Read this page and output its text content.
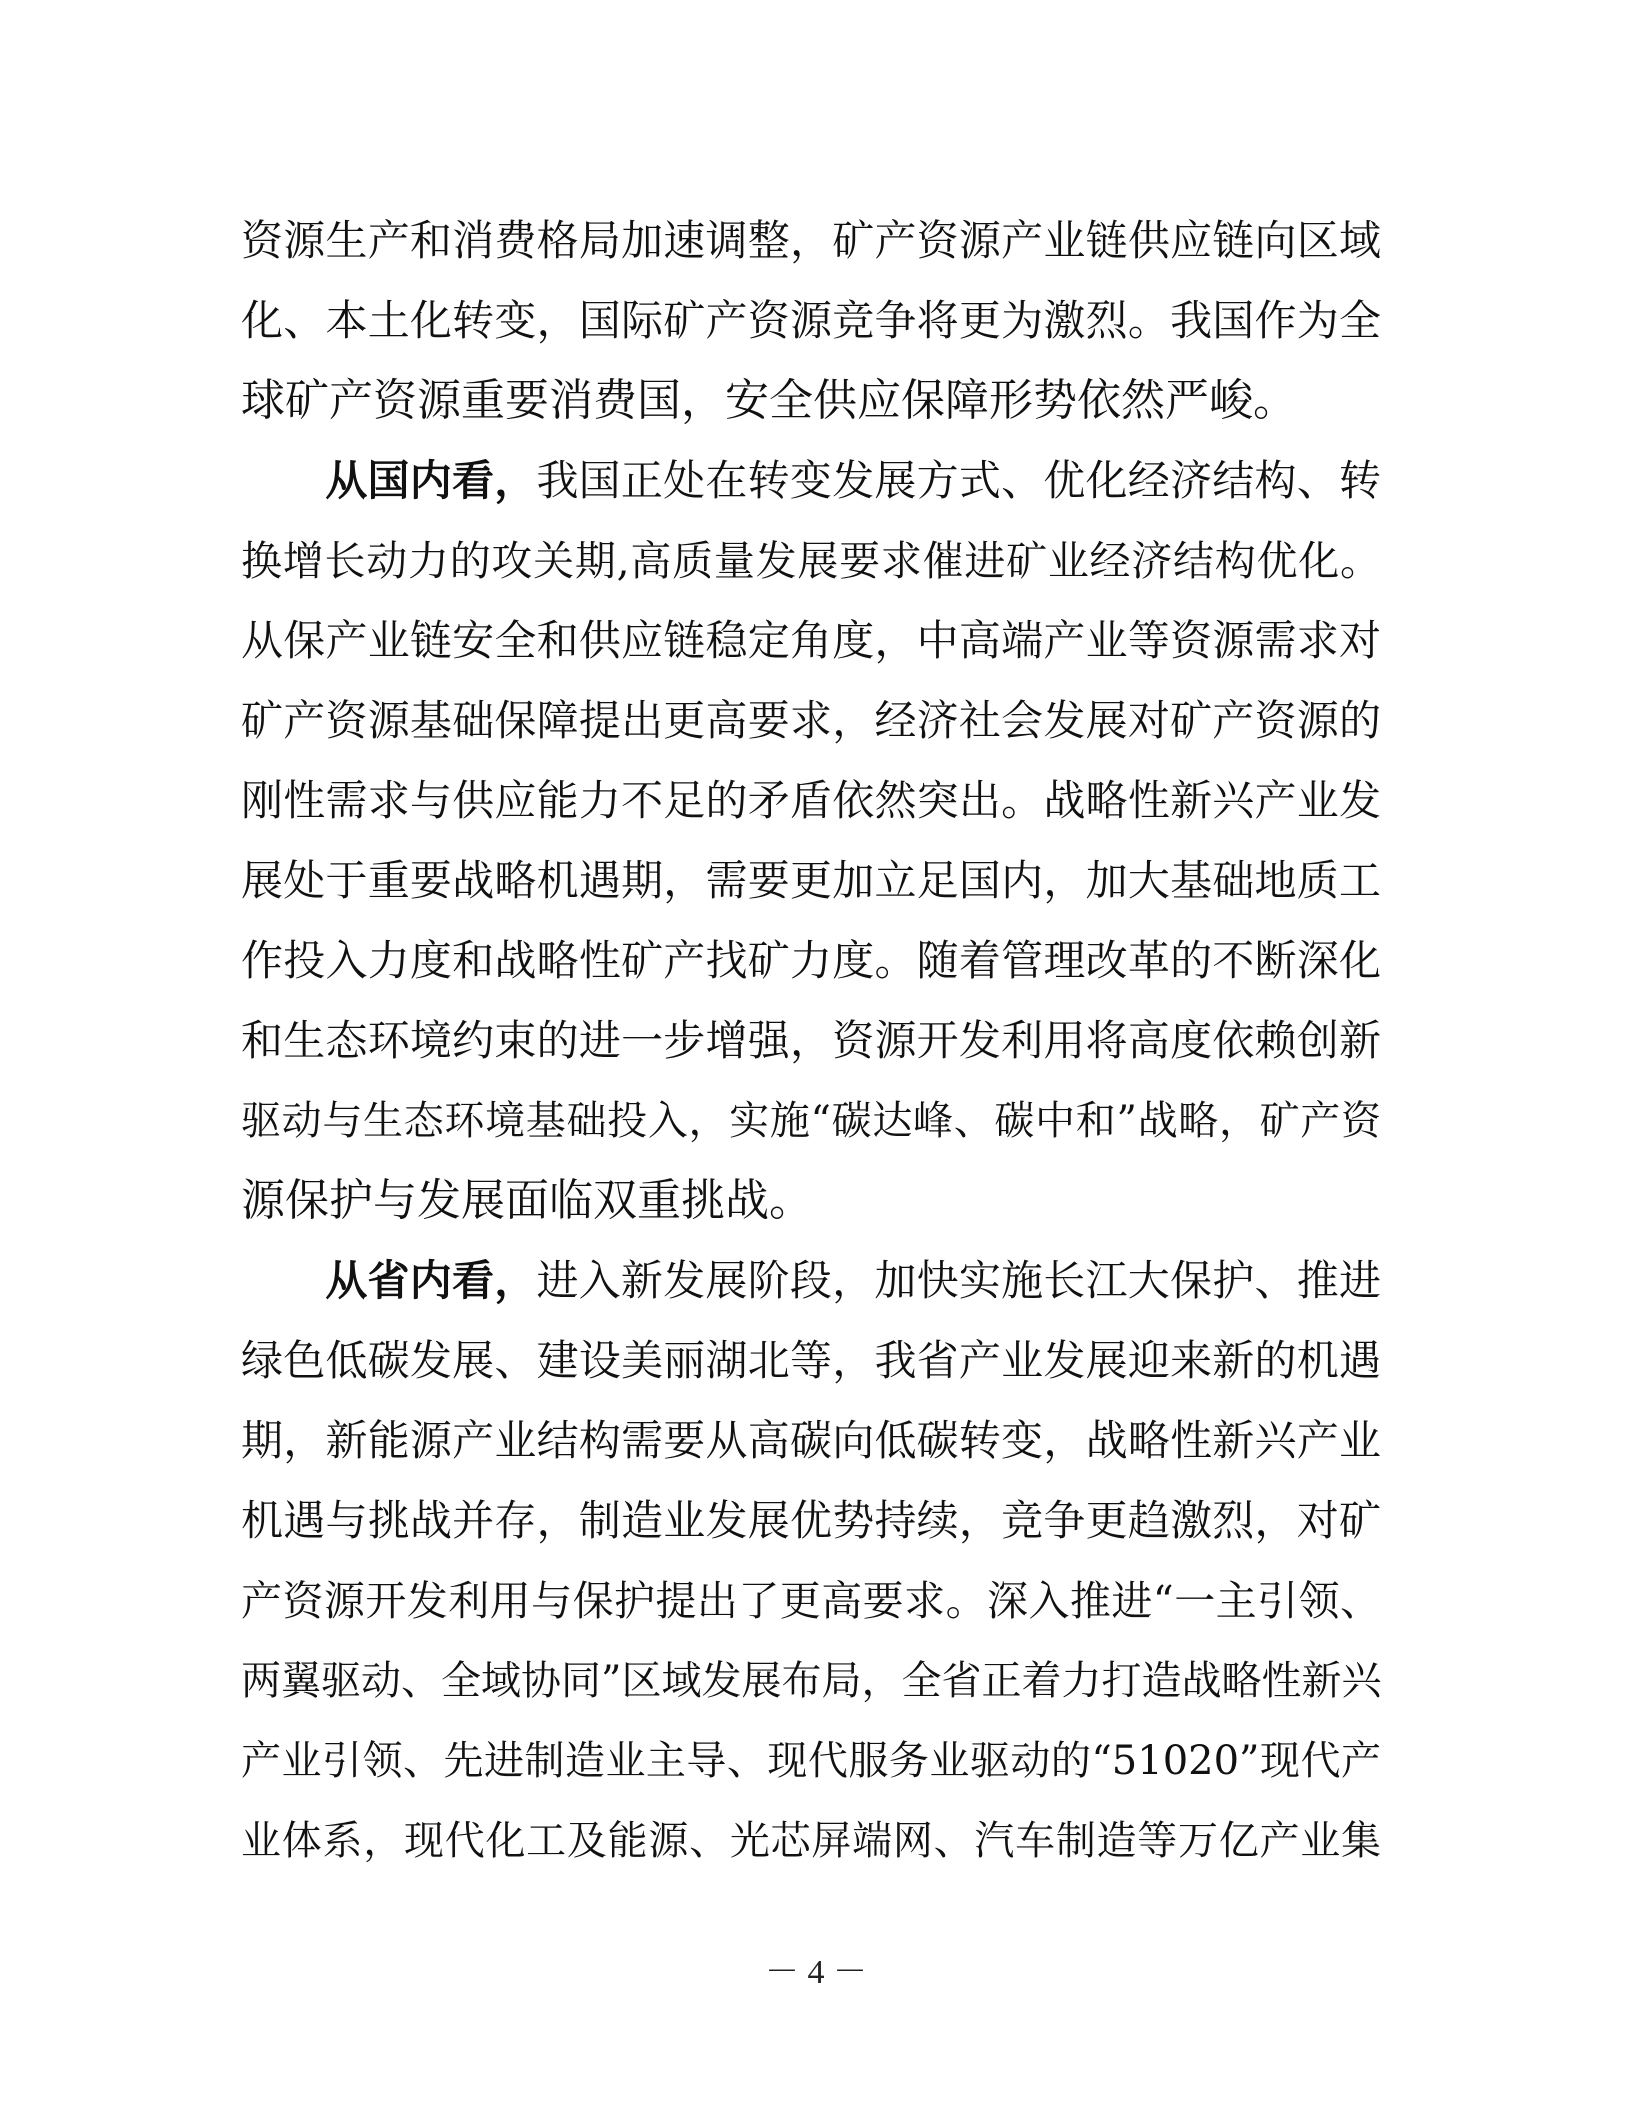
资源生产和消费格局加速调整，矿产资源产业链供应链向区域
化、本土化转变，国际矿产资源竞争将更为激烈。我国作为全
球矿产资源重要消费国，安全供应保障形势依然严峻。
从国内看，我国正处在转变发展方式、优化经济结构、转
换增长动力的攻关期,高质量发展要求催进矿业经济结构优化。
从保产业链安全和供应链稳定角度，中高端产业等资源需求对
矿产资源基础保障提出更高要求，经济社会发展对矿产资源的
刚性需求与供应能力不足的矛盾依然突出。战略性新兴产业发
展处于重要战略机遇期，需要更加立足国内，加大基础地质工
作投入力度和战略性矿产找矿力度。随着管理改革的不断深化
和生态环境约束的进一步增强，资源开发利用将高度依赖创新
驱动与生态环境基础投入，实施“碳达峰、碳中和”战略，矿产资
源保护与发展面临双重挑战。
从省内看，进入新发展阶段，加快实施长江大保护、推进
绿色低碳发展、建设美丽湖北等，我省产业发展迎来新的机遇
期，新能源产业结构需要从高碳向低碳转变，战略性新兴产业
机遇与挑战并存，制造业发展优势持续，竞争更趋激烈，对矿
产资源开发利用与保护提出了更高要求。深入推进“一主引领、
两翼驱动、全域协同”区域发展布局，全省正着力打造战略性新兴
产业引领、先进制造业主导、现代服务业驱动的“51020”现代产
业体系，现代化工及能源、光芯屏端网、汽车制造等万亿产业集
－ 4 －
